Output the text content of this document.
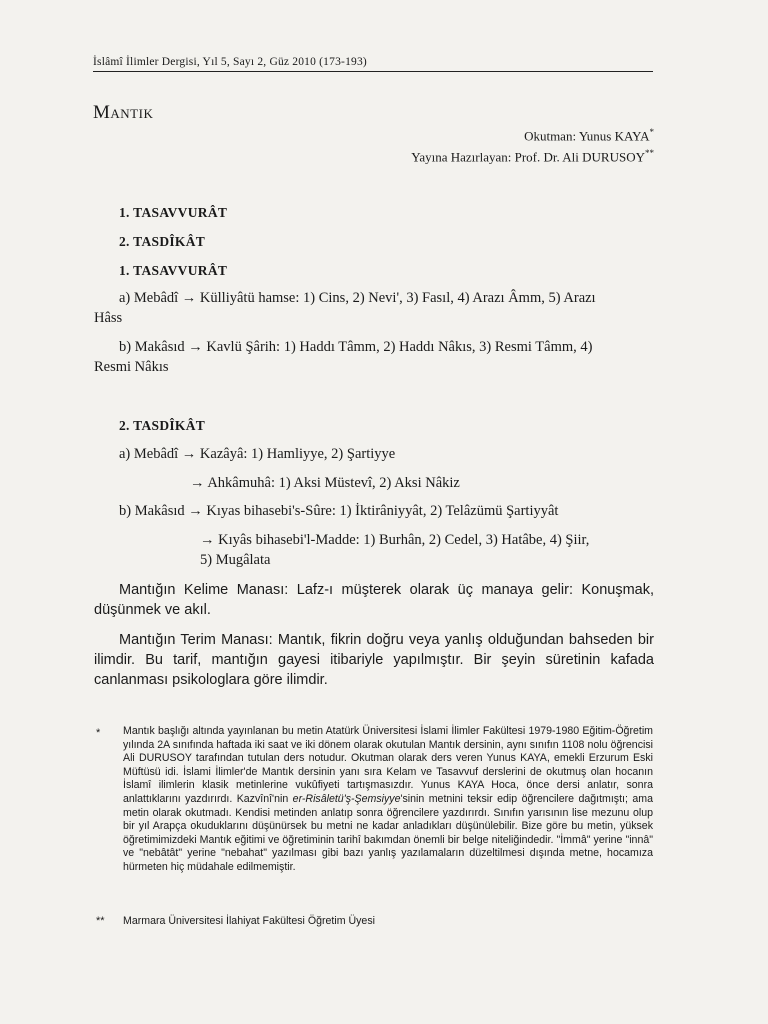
İslâmî İlimler Dergisi, Yıl 5, Sayı 2, Güz 2010 (173-193)
Mantık
Okutman: Yunus KAYA*
Yayına Hazırlayan: Prof. Dr. Ali DURUSOY**
1. TASAVVURÂT
2. TASDÎKÂT
1. TASAVVURÂT
a) Mebâdî → Külliyâtü hamse: 1) Cins, 2) Nevi', 3) Fasıl, 4) Arazı Âmm, 5) Arazı
Hâss
b) Makâsıd → Kavlü Şârih: 1) Haddı Tâmm, 2) Haddı Nâkıs, 3) Resmi Tâmm, 4)
Resmi Nâkıs
2. TASDÎKÂT
a) Mebâdî → Kazâyâ: 1) Hamliyye, 2) Şartiyye
→ Ahkâmuhâ: 1) Aksi Müstevî, 2) Aksi Nâkiz
b) Makâsıd → Kıyas bihasebi's-Sûre: 1) İktirâniyyât, 2) Telâzümü Şartiyyât
→ Kıyâs bihasebi'l-Madde: 1) Burhân, 2) Cedel, 3) Hatâbe, 4) Şiir,
5) Mugâlata
Mantığın Kelime Manası: Lafz-ı müşterek olarak üç manaya gelir: Konuşmak, düşünmek ve akıl.
Mantığın Terim Manası: Mantık, fikrin doğru veya yanlış olduğundan bahseden bir ilimdir. Bu tarif, mantığın gayesi itibariyle yapılmıştır. Bir şeyin süretinin kafada canlanması psikologlara göre ilimdir.
* Mantık başlığı altında yayınlanan bu metin Atatürk Üniversitesi İslami İlimler Fakültesi 1979-1980 Eğitim-Öğretim yılında 2A sınıfında haftada iki saat ve iki dönem olarak okutulan Mantık dersinin, aynı sınıfın 1108 nolu öğrencisi Ali DURUSOY tarafından tutulan ders notudur. Okutman olarak ders veren Yunus KAYA, emekli Erzurum Eski Müftüsü idi. İslami İlimler'de Mantık dersinin yanı sıra Kelam ve Tasavvuf derslerini de okutmuş olan hocanın İslamî ilimlerin klasik metinlerine vukûfiyeti tartışmasızdır. Yunus KAYA Hoca, önce dersi anlatır, sonra anlattıklarını yazdırırdı. Kazvînî'nin er-Risâletü'ş-Şemsiyye'sinin metnini teksir edip öğrencilere dağıtmıştı; ama metin olarak okutmadı. Kendisi metinden anlatıp sonra öğrencilere yazdırırdı. Sınıfın yarısının lise mezunu olup bir yıl Arapça okuduklarını düşünürsek bu metni ne kadar anladıkları düşünülebilir. Bize göre bu metin, yüksek öğretimimizdeki Mantık eğitimi ve öğretiminin tarihî bakımdan önemli bir belge niteliğindedir. "İmmâ" yerine "innâ" ve "nebâtât" yerine "nebahat" yazılması gibi bazı yanlış yazılamaların düzeltilmesi dışında metne, hocamıza hürmeten hiç müdahale edilmemiştir.
** Marmara Üniversitesi İlahiyat Fakültesi Öğretim Üyesi
